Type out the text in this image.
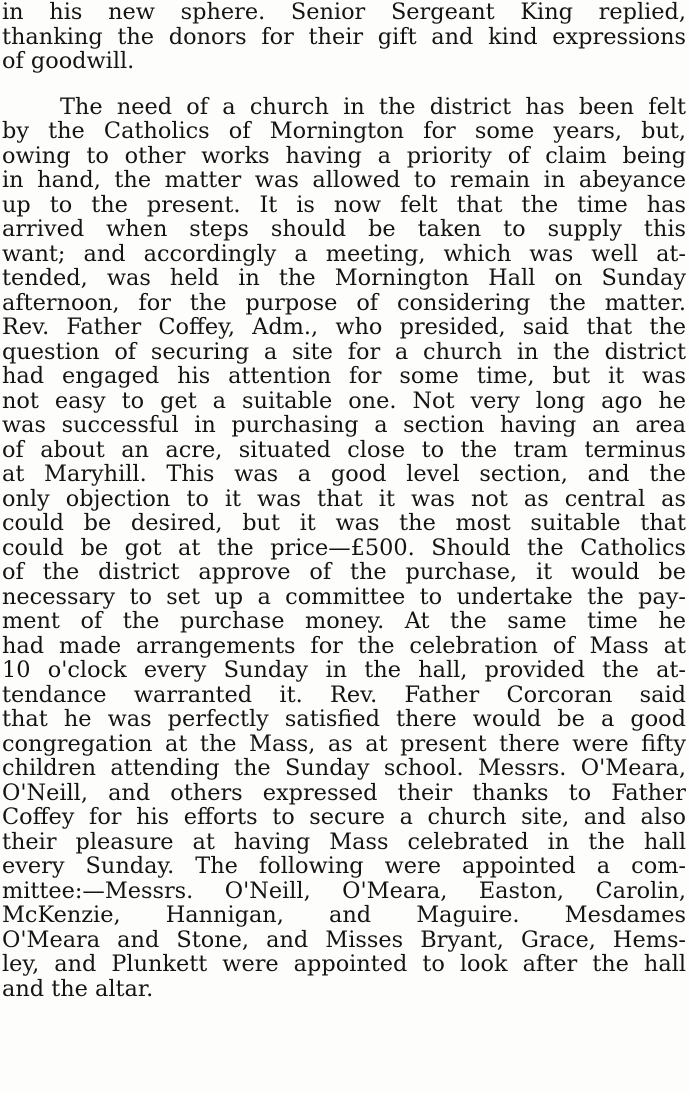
in his new sphere. Senior Sergeant King replied,
thanking the donors for their gift and kind expressions
of goodwill.
The need of a church in the district has been felt
by the Catholics of Mornington for some years, but,
owing to other works having a priority of claim being
in hand, the matter was allowed to remain in abeyance
up to the present. It is now felt that the time has
arrived when steps should be taken to supply this
want; and accordingly a meeting, which was well at-
tended, was held in the Mornington Hall on Sunday
afternoon, for the purpose of considering the matter.
Rev. Father Coffey, Adm., who presided, said that the
question of securing a site for a church in the district
had engaged his attention for some time, but it was
not easy to get a suitable one. Not very long ago he
was successful in purchasing a section having an area
of about an acre, situated close to the tram terminus
at Maryhill. This was a good level section, and the
only objection to it was that it was not as central as
could be desired, but it was the most suitable that
could be got at the price—£500. Should the Catholics
of the district approve of the purchase, it would be
necessary to set up a committee to undertake the pay-
ment of the purchase money. At the same time he
had made arrangements for the celebration of Mass at
10 o'clock every Sunday in the hall, provided the at-
tendance warranted it. Rev. Father Corcoran said
that he was perfectly satisfied there would be a good
congregation at the Mass, as at present there were fifty
children attending the Sunday school. Messrs. O'Meara,
O'Neill, and others expressed their thanks to Father
Coffey for his efforts to secure a church site, and also
their pleasure at having Mass celebrated in the hall
every Sunday. The following were appointed a com-
mittee:—Messrs. O'Neill, O'Meara, Easton, Carolin,
McKenzie, Hannigan, and Maguire. Mesdames
O'Meara and Stone, and Misses Bryant, Grace, Hems-
ley, and Plunkett were appointed to look after the hall
and the altar.
